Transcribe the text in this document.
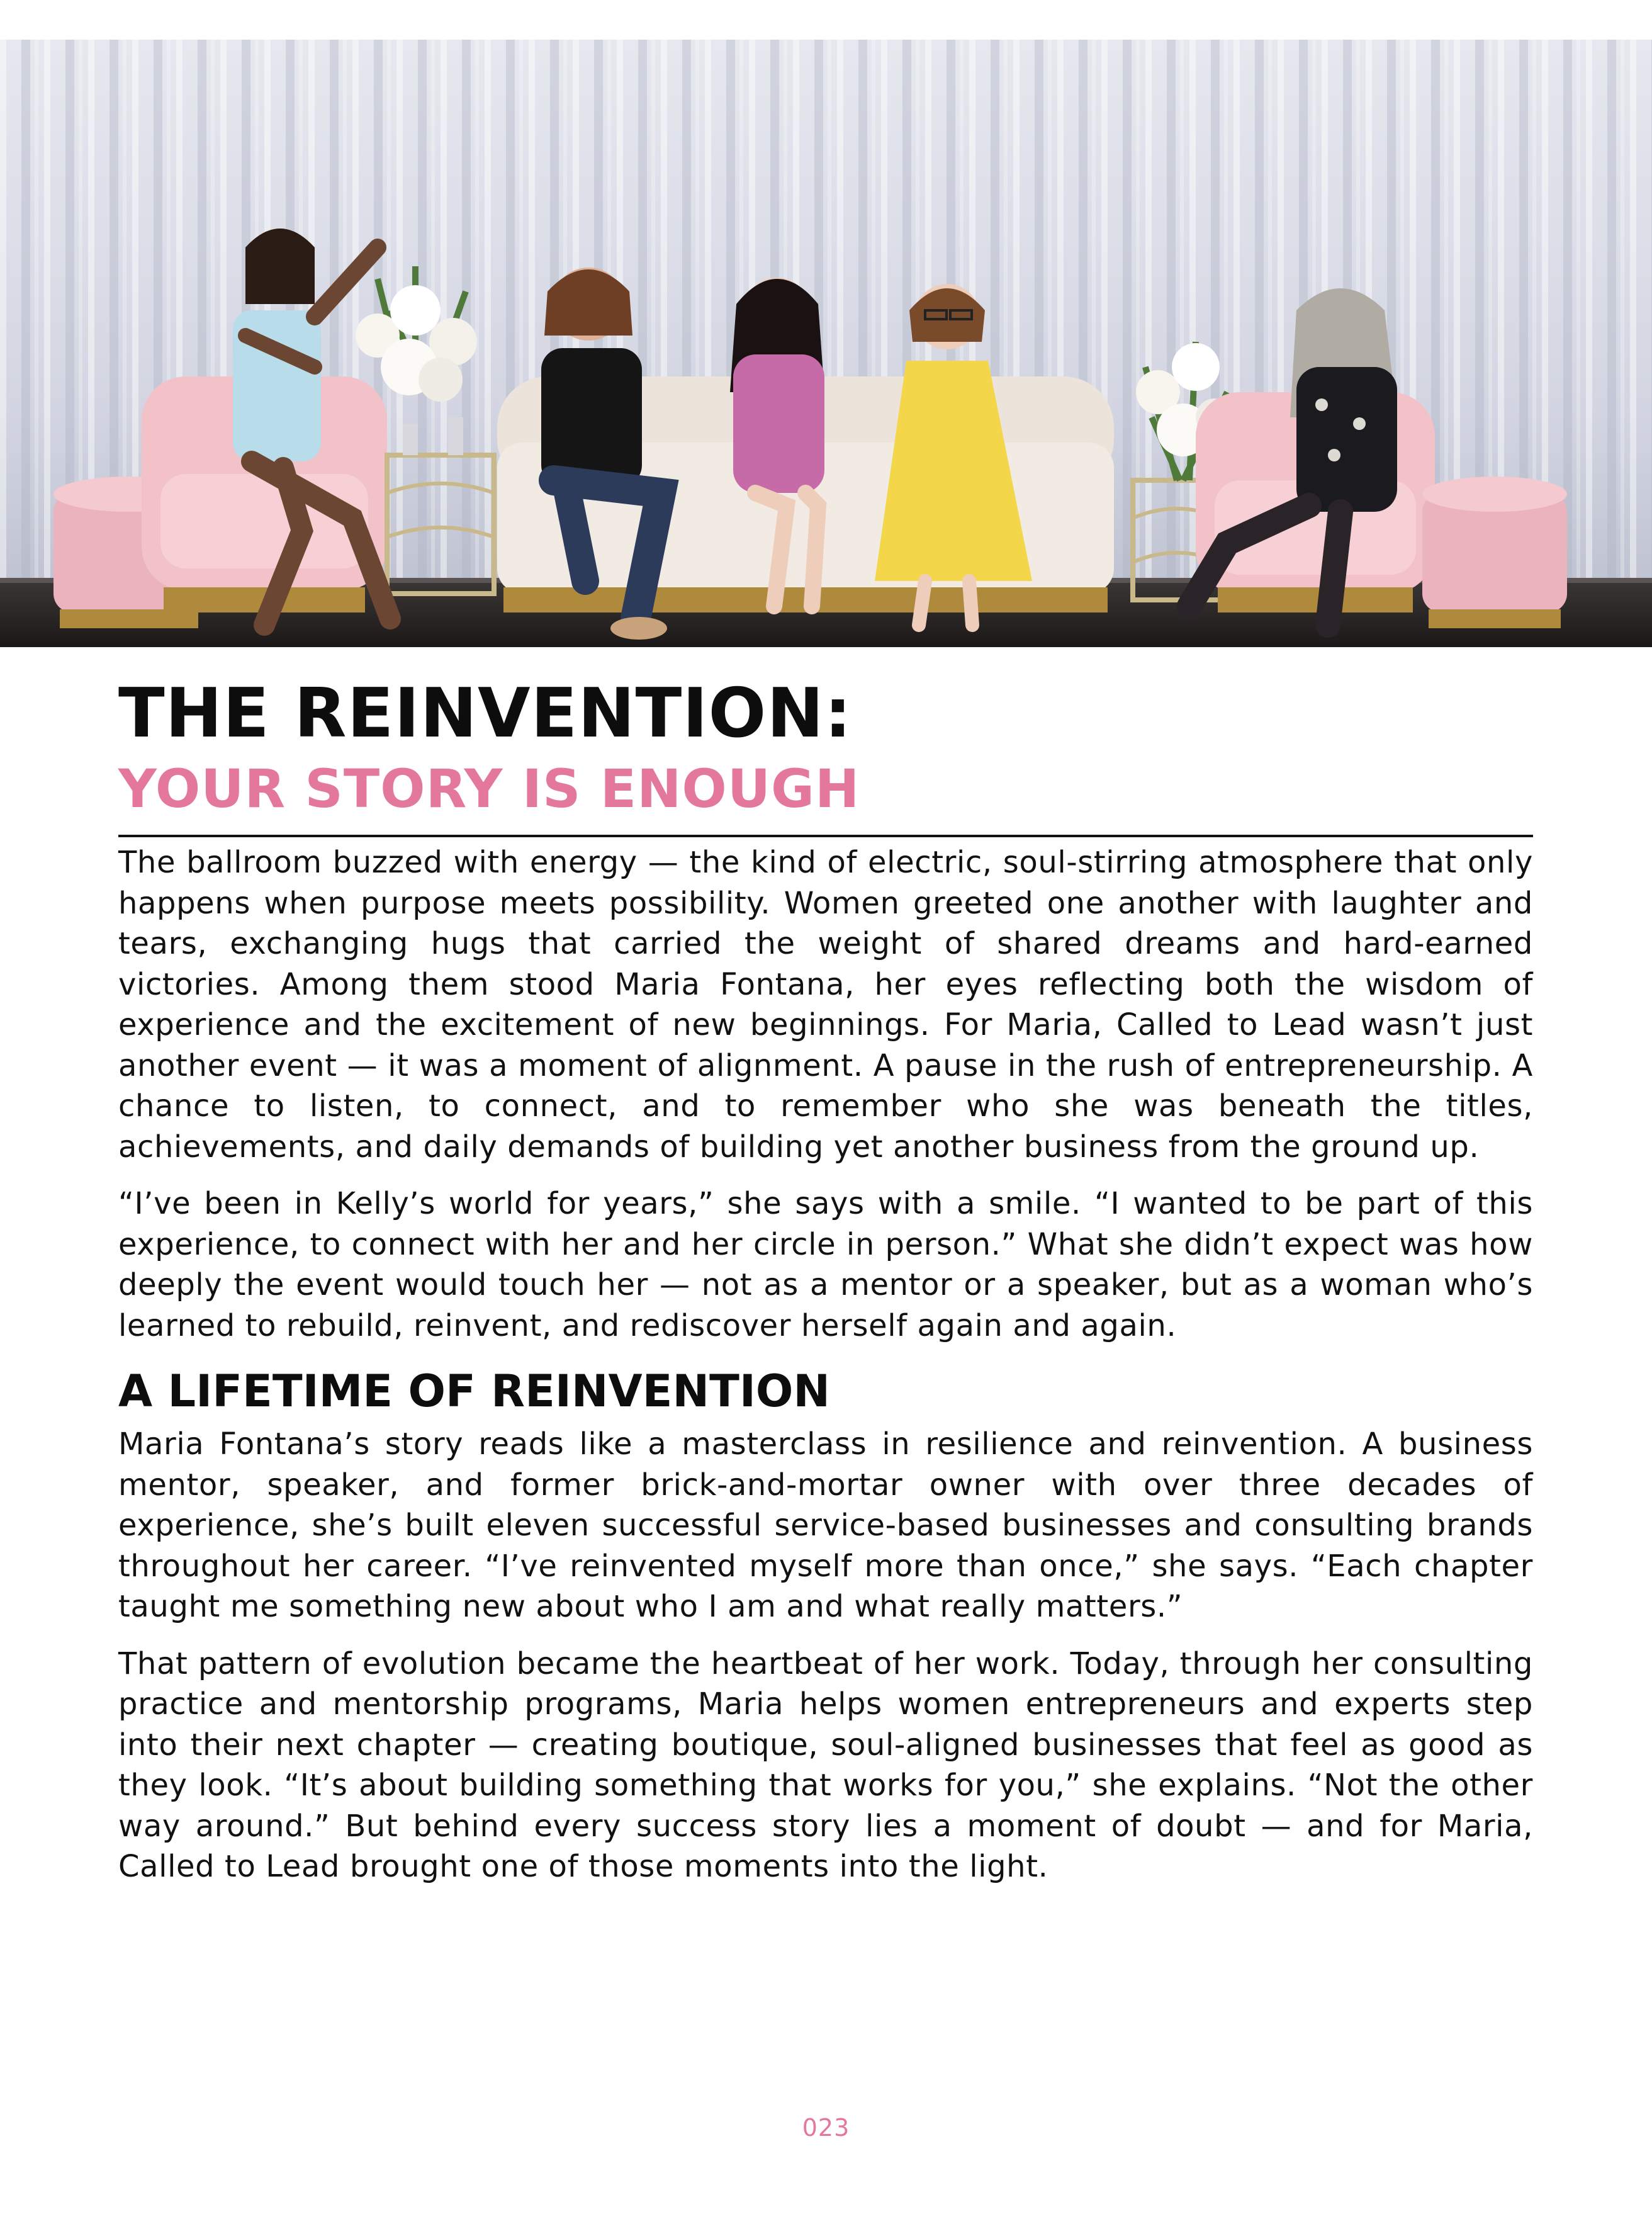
THE REINVENTION:
YOUR STORY IS ENOUGH

The ballroom buzzed with energy — the kind of electric, soul-stirring atmosphere that only happens when purpose meets possibility. Women greeted one another with laughter and tears, exchanging hugs that carried the weight of shared dreams and hard-earned victories. Among them stood Maria Fontana, her eyes reflecting both the wisdom of experience and the excitement of new beginnings. For Maria, Called to Lead wasn’t just another event — it was a moment of alignment. A pause in the rush of entrepreneurship. A chance to listen, to connect, and to remember who she was beneath the titles, achievements, and daily demands of building yet another business from the ground up.

“I’ve been in Kelly’s world for years,” she says with a smile. “I wanted to be part of this experience, to connect with her and her circle in person.” What she didn’t expect was how deeply the event would touch her — not as a mentor or a speaker, but as a woman who’s learned to rebuild, reinvent, and rediscover herself again and again.

A LIFETIME OF REINVENTION

Maria Fontana’s story reads like a masterclass in resilience and reinvention. A business mentor, speaker, and former brick-and-mortar owner with over three decades of experience, she’s built eleven successful service-based businesses and consulting brands throughout her career. “I’ve reinvented myself more than once,” she says. “Each chapter taught me something new about who I am and what really matters.”

That pattern of evolution became the heartbeat of her work. Today, through her consulting practice and mentorship programs, Maria helps women entrepreneurs and experts step into their next chapter — creating boutique, soul-aligned businesses that feel as good as they look. “It’s about building something that works for you,” she explains. “Not the other way around.” But behind every success story lies a moment of doubt — and for Maria, Called to Lead brought one of those moments into the light.

023
